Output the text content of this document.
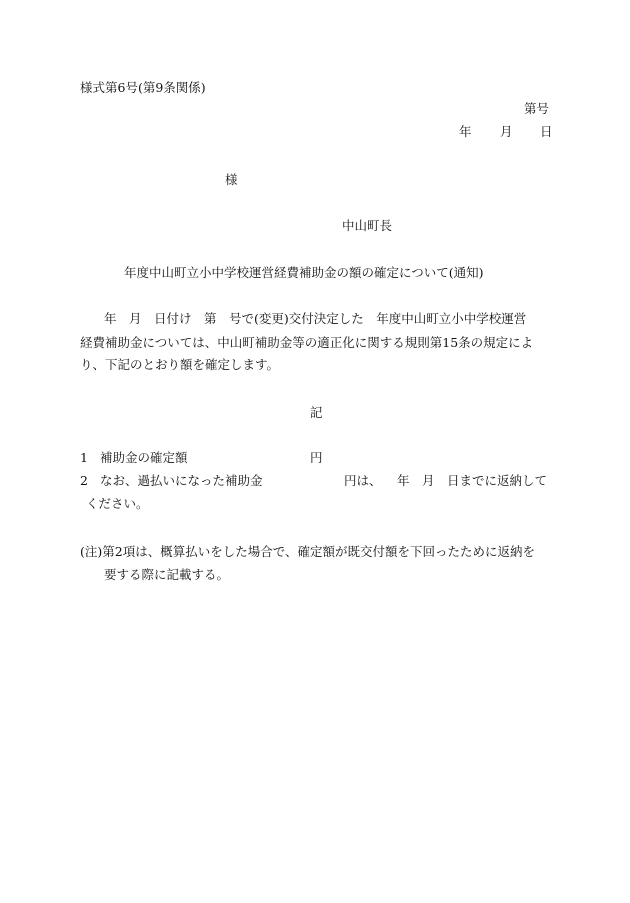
様式第6号(第9条関係)
第号
年 月 日
様
中山町長
年度中山町立小中学校運営経費補助金の額の確定について(通知)
年　月　日付け　第　号で(変更)交付決定した　年度中山町立小中学校運営
経費補助金については、中山町補助金等の適正化に関する規則第15条の規定によ
り、下記のとおり額を確定します。
記
1 補助金の確定額	円
2 なお、過払いになった補助金	円は、 年　月　日までに返納して
ください。
(注)第2項は、概算払いをした場合で、確定額が既交付額を下回ったために返納を
要する際に記載する。
